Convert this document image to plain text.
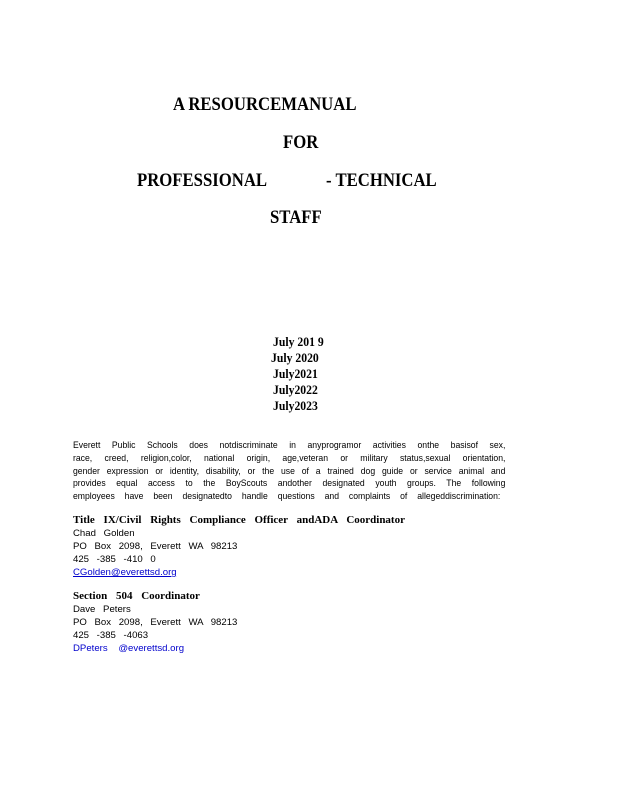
A RESOURCEMANUAL
FOR
PROFESSIONAL	- TECHNICAL
STAFF
July 201 9
July 2020
July2021
July2022
July2023
Everett Public Schools does notdiscriminate in anyprogramor activities onthe basisof sex,
race, creed, religion,color, national origin, age,veteran or military status,sexual orientation,
gender expression or identity, disability, or the use of a trained dog guide or service animal and
provides equal access to the BoyScouts andother designated youth groups. The following
employees have been designatedto handle questions and complaints of allegeddiscrimination:
Title IX/Civil Rights Compliance Officer andADA Coordinator
Chad Golden
PO Box 2098, Everett WA 98213
425 -385 -410 0
CGolden@everettsd.org
Section 504 Coordinator
Dave Peters
PO Box 2098, Everett WA 98213
425 -385 -4063
DPeters    @everettsd.org
